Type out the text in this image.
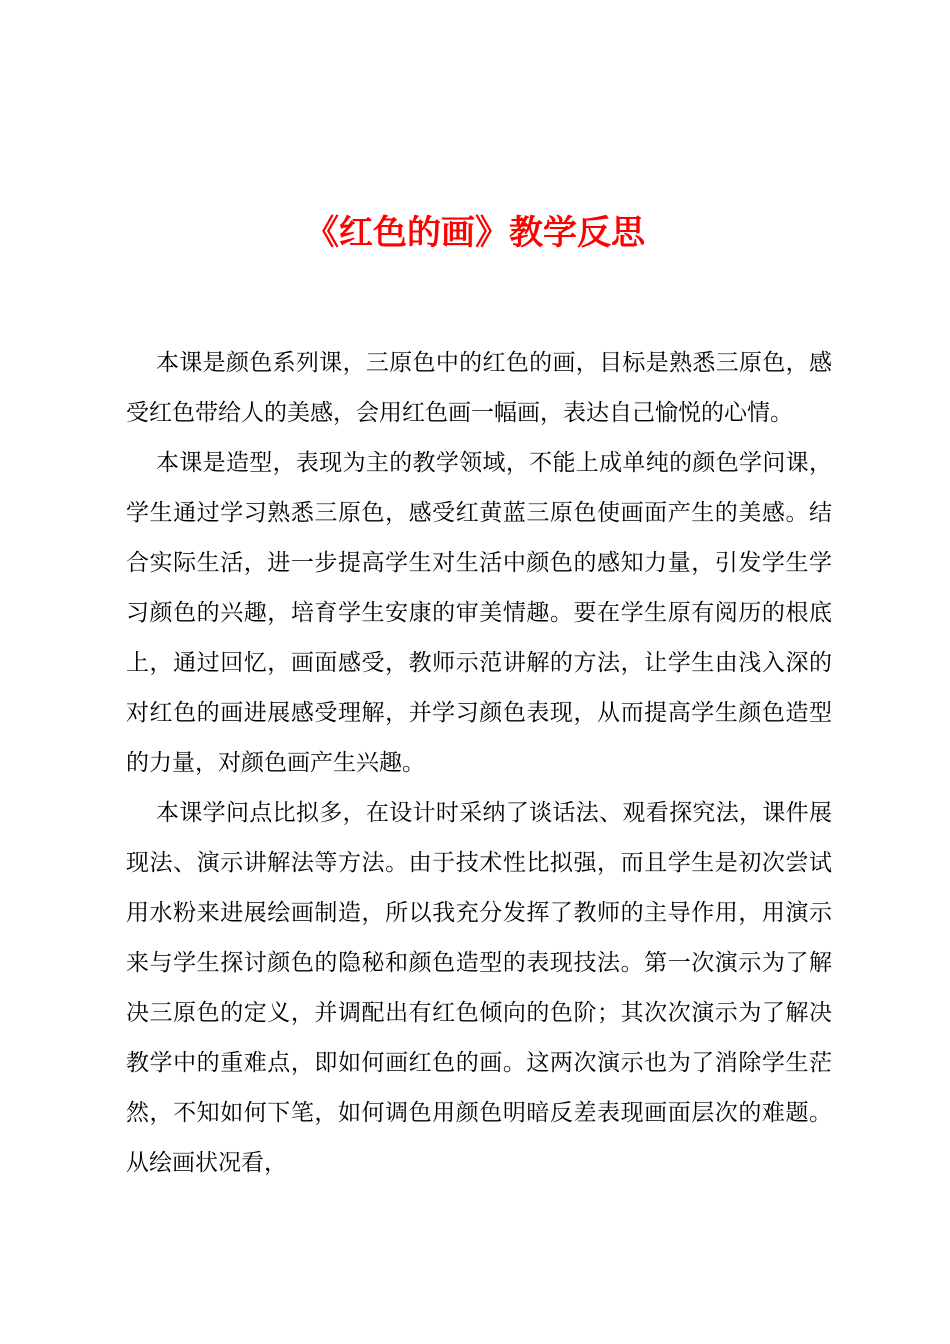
《红色的画》教学反思

本课是颜色系列课，三原色中的红色的画，目标是熟悉三原色，感受红色带给人的美感，会用红色画一幅画，表达自己愉悦的心情。

本课是造型，表现为主的教学领域，不能上成单纯的颜色学问课，学生通过学习熟悉三原色，感受红黄蓝三原色使画面产生的美感。结合实际生活，进一步提高学生对生活中颜色的感知力量，引发学生学习颜色的兴趣，培育学生安康的审美情趣。要在学生原有阅历的根底上，通过回忆，画面感受，教师示范讲解的方法，让学生由浅入深的对红色的画进展感受理解，并学习颜色表现，从而提高学生颜色造型的力量，对颜色画产生兴趣。

本课学问点比拟多，在设计时采纳了谈话法、观看探究法，课件展现法、演示讲解法等方法。由于技术性比拟强，而且学生是初次尝试用水粉来进展绘画制造，所以我充分发挥了教师的主导作用，用演示来与学生探讨颜色的隐秘和颜色造型的表现技法。第一次演示为了解决三原色的定义，并调配出有红色倾向的色阶；其次次演示为了解决教学中的重难点，即如何画红色的画。这两次演示也为了消除学生茫然，不知如何下笔，如何调色用颜色明暗反差表现画面层次的难题。从绘画状况看，
